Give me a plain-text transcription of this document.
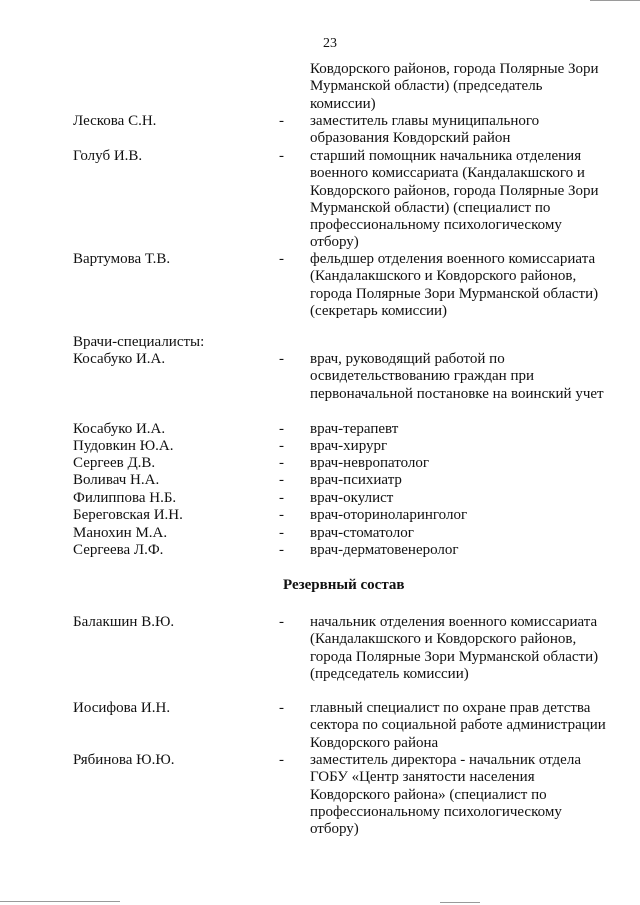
23
Ковдорского районов, города Полярные Зори Мурманской области) (председатель комиссии)
Лескова С.Н.	- заместитель главы муниципального образования Ковдорский район
Голуб И.В.	- старший помощник начальника отделения военного комиссариата (Кандалакшского и Ковдорского районов, города Полярные Зори Мурманской области) (специалист по профессиональному психологическому отбору)
Вартумова Т.В.	- фельдшер отделения военного комиссариата (Кандалакшского и Ковдорского районов, города Полярные Зори Мурманской области) (секретарь комиссии)
Врачи-специалисты:
Косабуко И.А.	- врач, руководящий работой по освидетельствованию граждан при первоначальной постановке на воинский учет
Косабуко И.А.	- врач-терапевт
Пудовкин Ю.А.	- врач-хирург
Сергеев Д.В.	- врач-невропатолог
Воливач Н.А.	- врач-психиатр
Филиппова Н.Б.	- врач-окулист
Береговская И.Н.	- врач-оториноларинголог
Манохин М.А.	- врач-стоматолог
Сергеева Л.Ф.	- врач-дерматовенеролог
Резервный состав
Балакшин В.Ю.	- начальник отделения военного комиссариата (Кандалакшского и Ковдорского районов, города Полярные Зори Мурманской области) (председатель комиссии)
Иосифова И.Н.	- главный специалист по охране прав детства сектора по социальной работе администрации Ковдорского района
Рябинова Ю.Ю.	- заместитель директора - начальник отдела ГОБУ «Центр занятости населения Ковдорского района» (специалист по профессиональному психологическому отбору)
